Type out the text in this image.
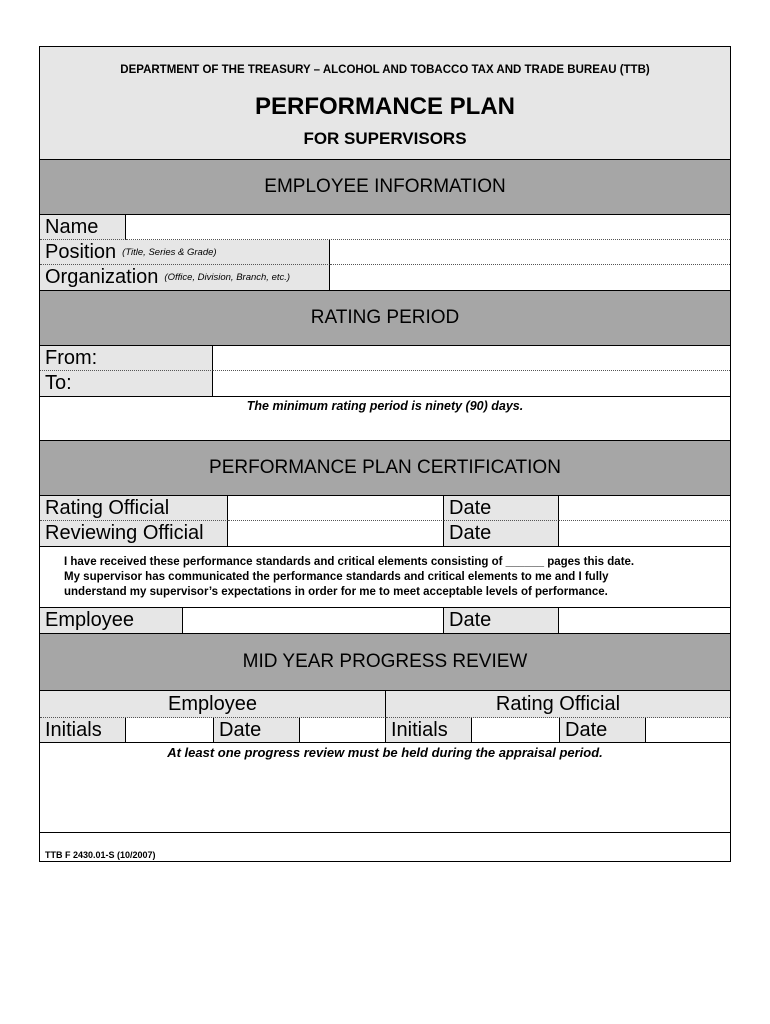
DEPARTMENT OF THE TREASURY – ALCOHOL AND TOBACCO TAX AND TRADE BUREAU (TTB)
PERFORMANCE PLAN
FOR SUPERVISORS
EMPLOYEE INFORMATION
Name
Position (Title, Series & Grade)
Organization (Office, Division, Branch, etc.)
RATING PERIOD
From:
To:
The minimum rating period is ninety (90) days.
PERFORMANCE PLAN CERTIFICATION
Rating Official	Date
Reviewing Official	Date
I have received these performance standards and critical elements consisting of ______ pages this date.
My supervisor has communicated the performance standards and critical elements to me and I fully
understand my supervisor’s expectations in order for me to meet acceptable levels of performance.
Employee	Date
MID YEAR PROGRESS REVIEW
Employee	Rating Official
Initials	Date	Initials	Date
At least one progress review must be held during the appraisal period.
TTB F 2430.01-S (10/2007)
